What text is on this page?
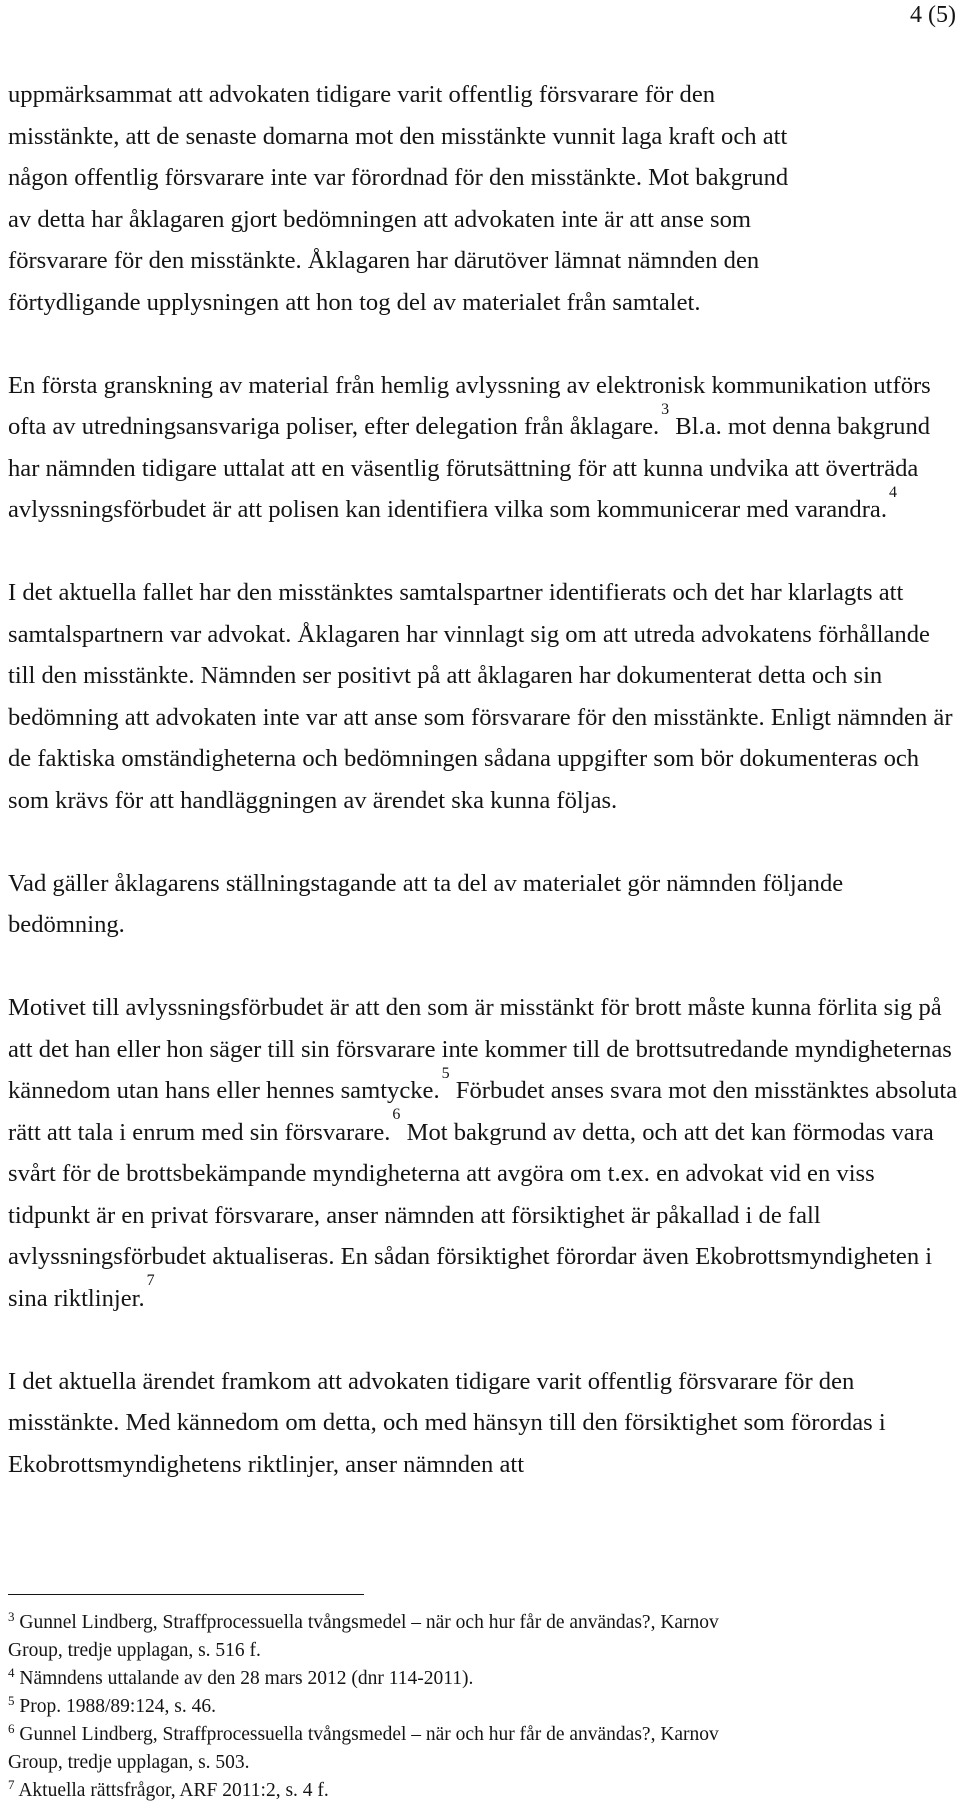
4 (5)

uppmärksammat att advokaten tidigare varit offentlig försvarare för den
misstänkte, att de senaste domarna mot den misstänkte vunnit laga kraft och att
någon offentlig försvarare inte var förordnad för den misstänkte. Mot bakgrund
av detta har åklagaren gjort bedömningen att advokaten inte är att anse som
försvarare för den misstänkte. Åklagaren har därutöver lämnat nämnden den
förtydligande upplysningen att hon tog del av materialet från samtalet.

En första granskning av material från hemlig avlyssning av elektronisk kommunikation utförs ofta av utredningsansvariga poliser, efter delegation från åklagare.$^3$ Bl.a. mot denna bakgrund har nämnden tidigare uttalat att en väsentlig förutsättning för att kunna undvika att överträda avlyssningsförbudet är att polisen kan identifiera vilka som kommunicerar med varandra.$^4$

I det aktuella fallet har den misstänktes samtalspartner identifierats och det har klarlagts att samtalspartnern var advokat. Åklagaren har vinnlagt sig om att utreda advokatens förhållande till den misstänkte. Nämnden ser positivt på att åklagaren har dokumenterat detta och sin bedömning att advokaten inte var att anse som försvarare för den misstänkte. Enligt nämnden är de faktiska omständigheterna och bedömningen sådana uppgifter som bör dokumenteras och som krävs för att handläggningen av ärendet ska kunna följas.

Vad gäller åklagarens ställningstagande att ta del av materialet gör nämnden följande bedömning.

Motivet till avlyssningsförbudet är att den som är misstänkt för brott måste kunna förlita sig på att det han eller hon säger till sin försvarare inte kommer till de brottsutredande myndigheternas kännedom utan hans eller hennes samtycke.$^5$ Förbudet anses svara mot den misstänktes absoluta rätt att tala i enrum med sin försvarare.$^6$ Mot bakgrund av detta, och att det kan förmodas vara svårt för de brottsbekämpande myndigheterna att avgöra om t.ex. en advokat vid en viss tidpunkt är en privat försvarare, anser nämnden att försiktighet är påkallad i de fall avlyssningsförbudet aktualiseras. En sådan försiktighet förordar även Ekobrottsmyndigheten i sina riktlinjer.$^7$

I det aktuella ärendet framkom att advokaten tidigare varit offentlig försvarare för den misstänkte. Med kännedom om detta, och med hänsyn till den försiktighet som förordas i Ekobrottsmyndighetens riktlinjer, anser nämnden att

$^3$ Gunnel Lindberg, Straffprocessuella tvångsmedel – när och hur får de användas?, Karnov

Group, tredje upplagan, s. 516 f.

$^4$ Nämndens uttalande av den 28 mars 2012 (dnr 114-2011).

$^5$ Prop. 1988/89:124, s. 46.

$^6$ Gunnel Lindberg, Straffprocessuella tvångsmedel – när och hur får de användas?, Karnov

Group, tredje upplagan, s. 503.

$^7$ Aktuella rättsfrågor, ARF 2011:2, s. 4 f.
